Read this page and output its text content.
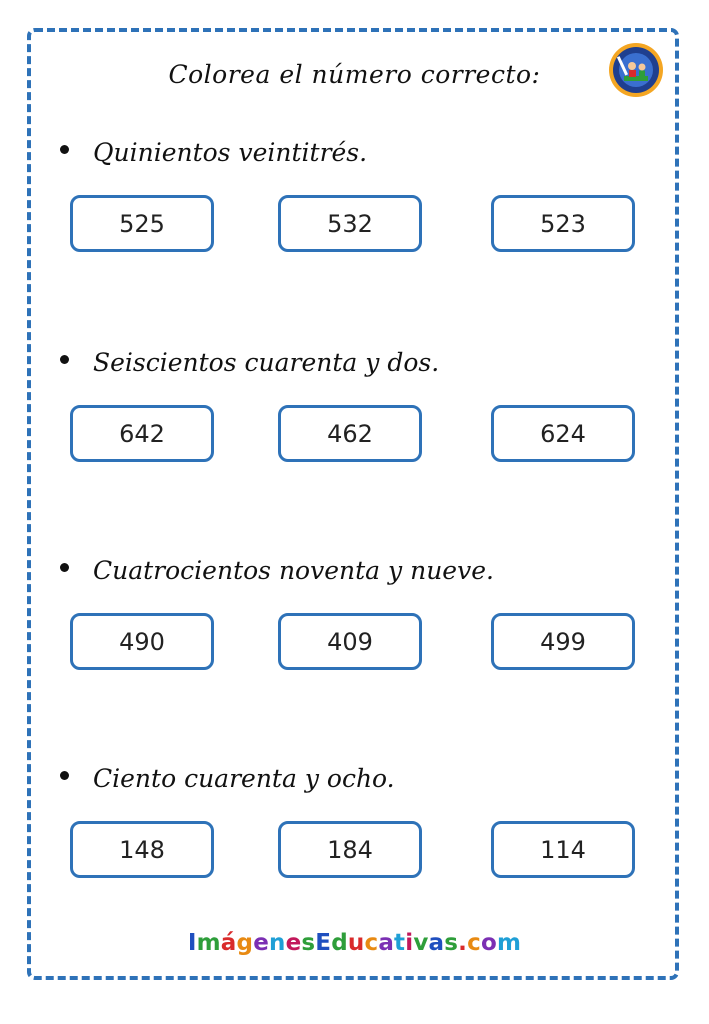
Colorea el número correcto:
Quinientos veintitrés.
525	532	523
Seiscientos cuarenta y dos.
642	462	624
Cuatrocientos noventa y nueve.
490	409	499
Ciento cuarenta y ocho.
148	184	114
ImágenesEducativas.com
